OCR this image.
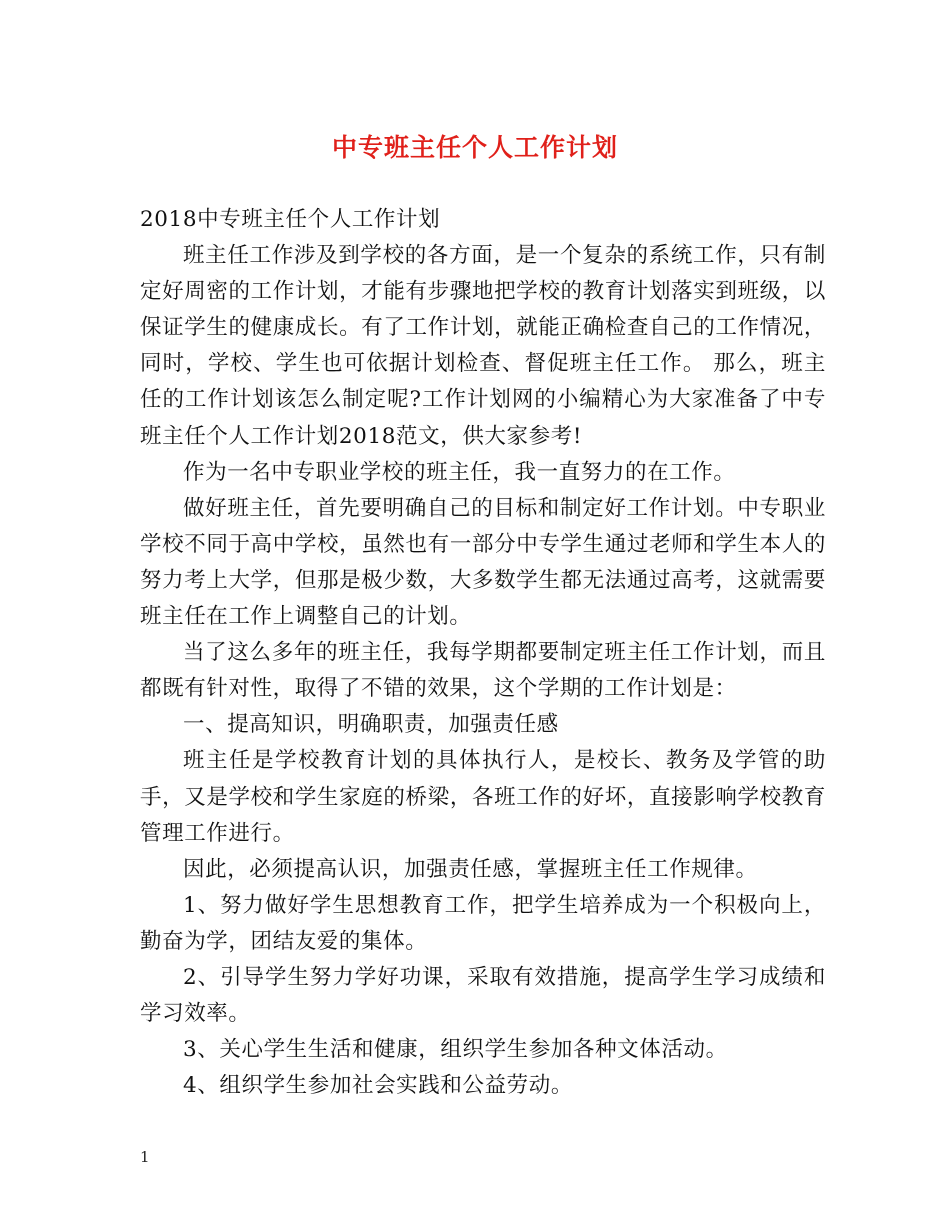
中专班主任个人工作计划

2018中专班主任个人工作计划

班主任工作涉及到学校的各方面，是一个复杂的系统工作，只有制定好周密的工作计划，才能有步骤地把学校的教育计划落实到班级，以保证学生的健康成长。有了工作计划，就能正确检查自己的工作情况，同时，学校、学生也可依据计划检查、督促班主任工作。 那么，班主任的工作计划该怎么制定呢?工作计划网的小编精心为大家准备了中专班主任个人工作计划2018范文，供大家参考!

作为一名中专职业学校的班主任，我一直努力的在工作。

做好班主任，首先要明确自己的目标和制定好工作计划。中专职业学校不同于高中学校，虽然也有一部分中专学生通过老师和学生本人的努力考上大学，但那是极少数，大多数学生都无法通过高考，这就需要班主任在工作上调整自己的计划。

当了这么多年的班主任，我每学期都要制定班主任工作计划，而且都既有针对性，取得了不错的效果，这个学期的工作计划是：

一、提高知识，明确职责，加强责任感

班主任是学校教育计划的具体执行人，是校长、教务及学管的助手，又是学校和学生家庭的桥梁，各班工作的好坏，直接影响学校教育管理工作进行。

因此，必须提高认识，加强责任感，掌握班主任工作规律。

1、努力做好学生思想教育工作，把学生培养成为一个积极向上，勤奋为学，团结友爱的集体。

2、引导学生努力学好功课，采取有效措施，提高学生学习成绩和学习效率。

3、关心学生生活和健康，组织学生参加各种文体活动。

4、组织学生参加社会实践和公益劳动。

1
